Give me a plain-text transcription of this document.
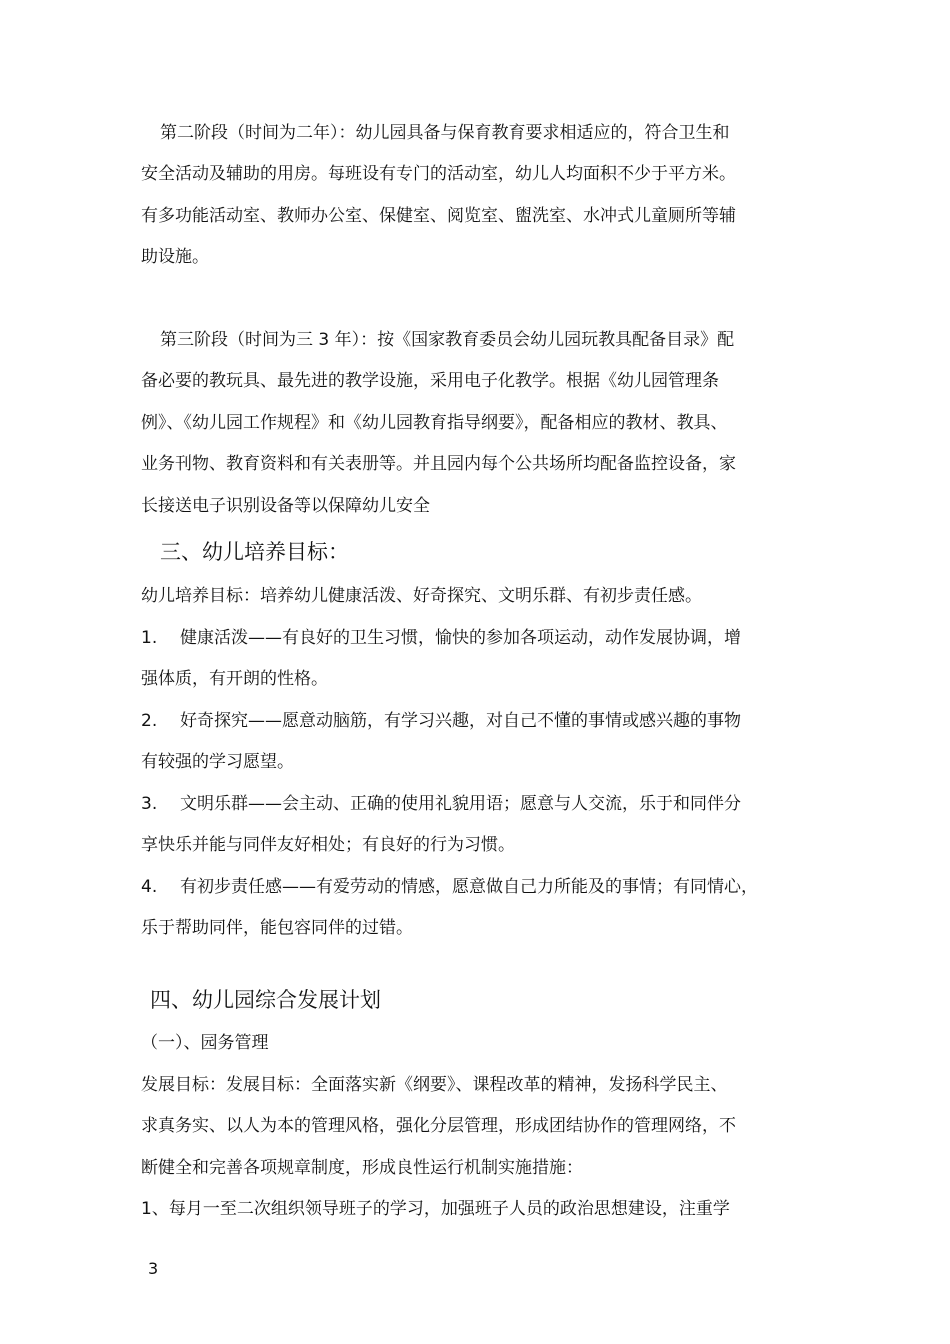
第二阶段（时间为二年）：幼儿园具备与保育教育要求相适应的，符合卫生和
安全活动及辅助的用房。每班设有专门的活动室，幼儿人均面积不少于平方米。
有多功能活动室、教师办公室、保健室、阅览室、盥洗室、水冲式儿童厕所等辅
助设施。
第三阶段（时间为三 3 年）：按《国家教育委员会幼儿园玩教具配备目录》配
备必要的教玩具、最先进的教学设施，采用电子化教学。根据《幼儿园管理条
例》、《幼儿园工作规程》和《幼儿园教育指导纲要》，配备相应的教材、教具、
业务刊物、教育资料和有关表册等。并且园内每个公共场所均配备监控设备，家
长接送电子识别设备等以保障幼儿安全
三、幼儿培养目标：
幼儿培养目标：培养幼儿健康活泼、好奇探究、文明乐群、有初步责任感。
1. 健康活泼——有良好的卫生习惯，愉快的参加各项运动，动作发展协调，增
强体质，有开朗的性格。
2. 好奇探究——愿意动脑筋，有学习兴趣，对自己不懂的事情或感兴趣的事物
有较强的学习愿望。
3. 文明乐群——会主动、正确的使用礼貌用语；愿意与人交流，乐于和同伴分
享快乐并能与同伴友好相处；有良好的行为习惯。
4. 有初步责任感——有爱劳动的情感，愿意做自己力所能及的事情；有同情心，
乐于帮助同伴，能包容同伴的过错。
四、幼儿园综合发展计划
（一）、园务管理
发展目标：发展目标：全面落实新《纲要》、课程改革的精神，发扬科学民主、
求真务实、以人为本的管理风格，强化分层管理，形成团结协作的管理网络，不
断健全和完善各项规章制度，形成良性运行机制实施措施：
1、每月一至二次组织领导班子的学习，加强班子人员的政治思想建设，注重学
3
